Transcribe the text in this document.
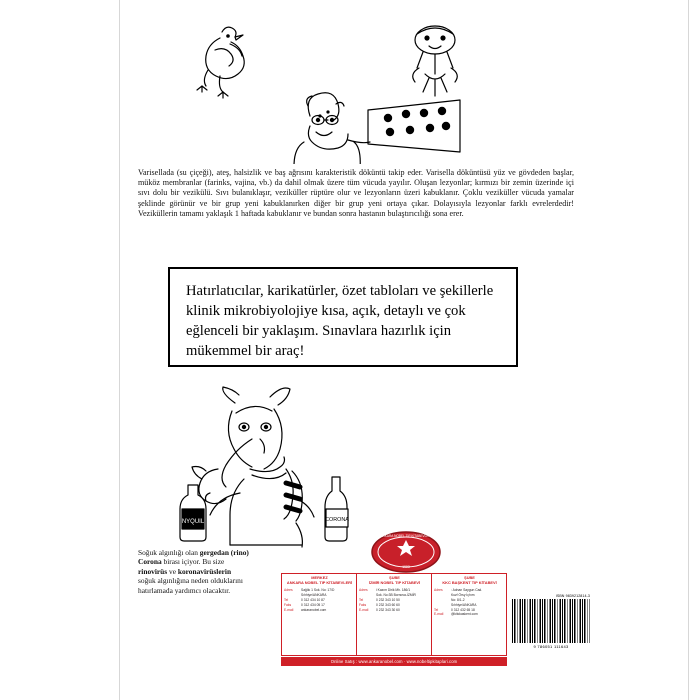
Varisellada (su çiçeği), ateş, halsizlik ve baş ağrısını karakteristik döküntü takip eder. Varisella döküntüsü yüz ve gövdeden başlar, müköz membranlar (farinks, vajina, vb.) da dahil olmak üzere tüm vücuda yayılır. Oluşan lezyonlar; kırmızı bir zemin üzerinde içi sıvı dolu bir vezikülü. Sıvı bulanıklaşır, veziküller rüptüre olur ve lezyonların üzeri kabuklanır. Çoklu veziküller vücuda yamalar şeklinde görünür ve bir grup yeni kabuklanırken diğer bir grup yeni ortaya çıkar. Dolayısıyla lezyonlar farklı evrelerdedir! Veziküllerin tamamı yaklaşık 1 haftada kabuklanır ve bundan sonra hastanın bulaştırıcılığı sona erer.

Hatırlatıcılar, karikatürler, özet tabloları ve şekillerle klinik mikrobiyolojiye kısa, açık, detaylı ve çok eğlenceli bir yaklaşım. Sınavlara hazırlık için mükemmel bir araç!
NYQUIL	CORONA
Soğuk algınlığı olan gergedan (rino)
Corona birası içiyor. Bu size
rinovirüs ve koronavirüslerin
soğuk algınlığına neden olduklarını
hatırlamada yardımcı olacaktır.
ANKARA NOBEL TIP KİTABEVLERİ
1993
MERKEZ
ANKARA NOBEL TIP KİTABEVLERİ
Adres	Sağlık 1 Sok. No: 17/D
Sıhhiye/ANKARA
Tel	0 312 434 10 87
Faks	0 312 434 05 17
E-mail	ankaranobel.com
ŞUBE
İZMİR NOBEL TIP KİTABEVİ
Adres	i Kazım Dirik Mh. 186/1
Sok. No:3B Bornova-İZMİR
Tel	0 232 343 10 50
Faks	0 232 343 60 60
E-mail	0 232 343 30 60
ŞUBE
KKC BAŞKENT TIP KİTABEVİ
Adres	: Adnan Saygun Cad.
Kuzf Örsy İçhım
No: 8/1-2
Sıhhiye/ANKARA
Tel	0 312 432 65 18
E-mail	@kitckaskent.com
Online Satış : www.ankaranobel.com · www.nobeltipkitaplari.com
ISBN 9839212814-3
9 786051 111643
